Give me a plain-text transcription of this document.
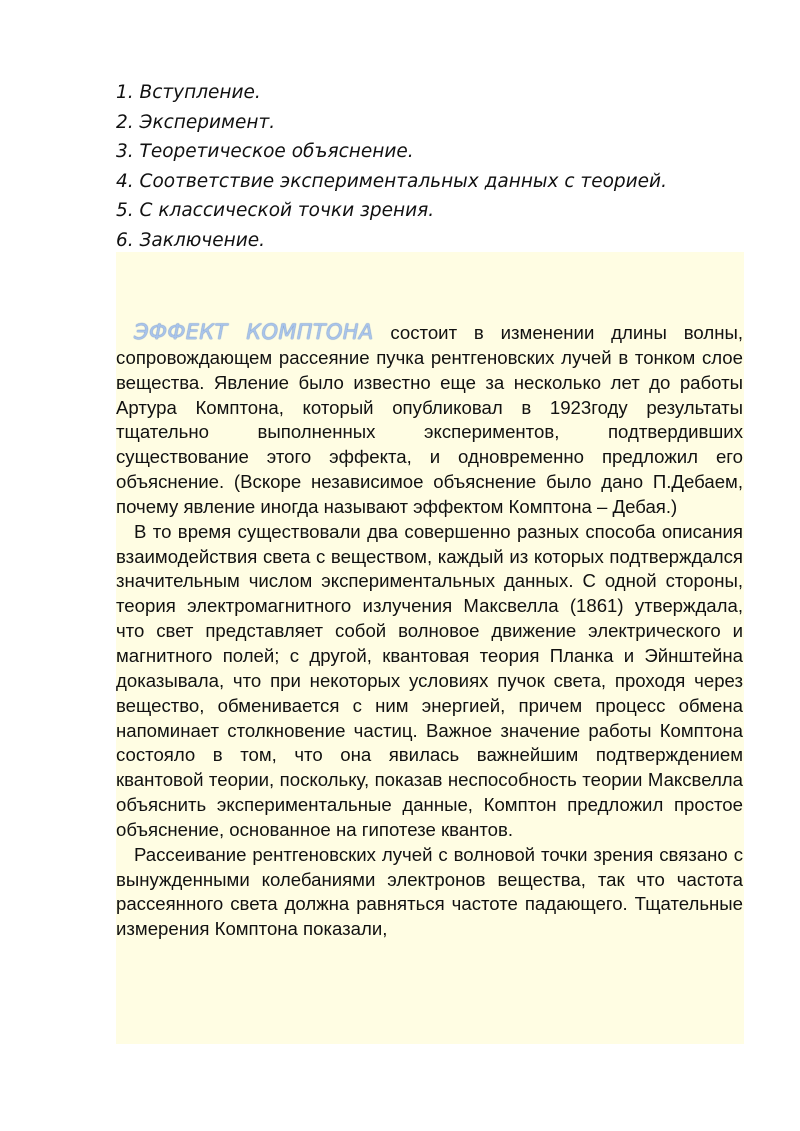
1. Вступление.
2. Эксперимент.
3. Теоретическое объяснение.
4. Соответствие экспериментальных данных с теорией.
5. С классической точки зрения.
6. Заключение.

ЭФФЕКТ КОМПТОНА состоит в изменении длины волны, сопровождающем рассеяние пучка рентгеновских лучей в тонком слое вещества. Явление было известно еще за несколько лет до работы Артура Комптона, который опубликовал в 1923году результаты тщательно выполненных экспериментов, подтвердивших существование этого эффекта, и одновременно предложил его объяснение. (Вскоре независимое объяснение было дано П.Дебаем, почему явление иногда называют эффектом Комптона – Дебая.)

В то время существовали два совершенно разных способа описания взаимодействия света с веществом, каждый из которых подтверждался значительным числом экспериментальных данных. С одной стороны, теория электромагнитного излучения Максвелла (1861) утверждала, что свет представляет собой волновое движение электрического и магнитного полей; с другой, квантовая теория Планка и Эйнштейна доказывала, что при некоторых условиях пучок света, проходя через вещество, обменивается с ним энергией, причем процесс обмена напоминает столкновение частиц. Важное значение работы Комптона состояло в том, что она явилась важнейшим подтверждением квантовой теории, поскольку, показав неспособность теории Максвелла объяснить экспериментальные данные, Комптон предложил простое объяснение, основанное на гипотезе квантов.

Рассеивание рентгеновских лучей с волновой точки зрения связано с вынужденными колебаниями электронов вещества, так что частота рассеянного света должна равняться частоте падающего. Тщательные измерения Комптона показали,
